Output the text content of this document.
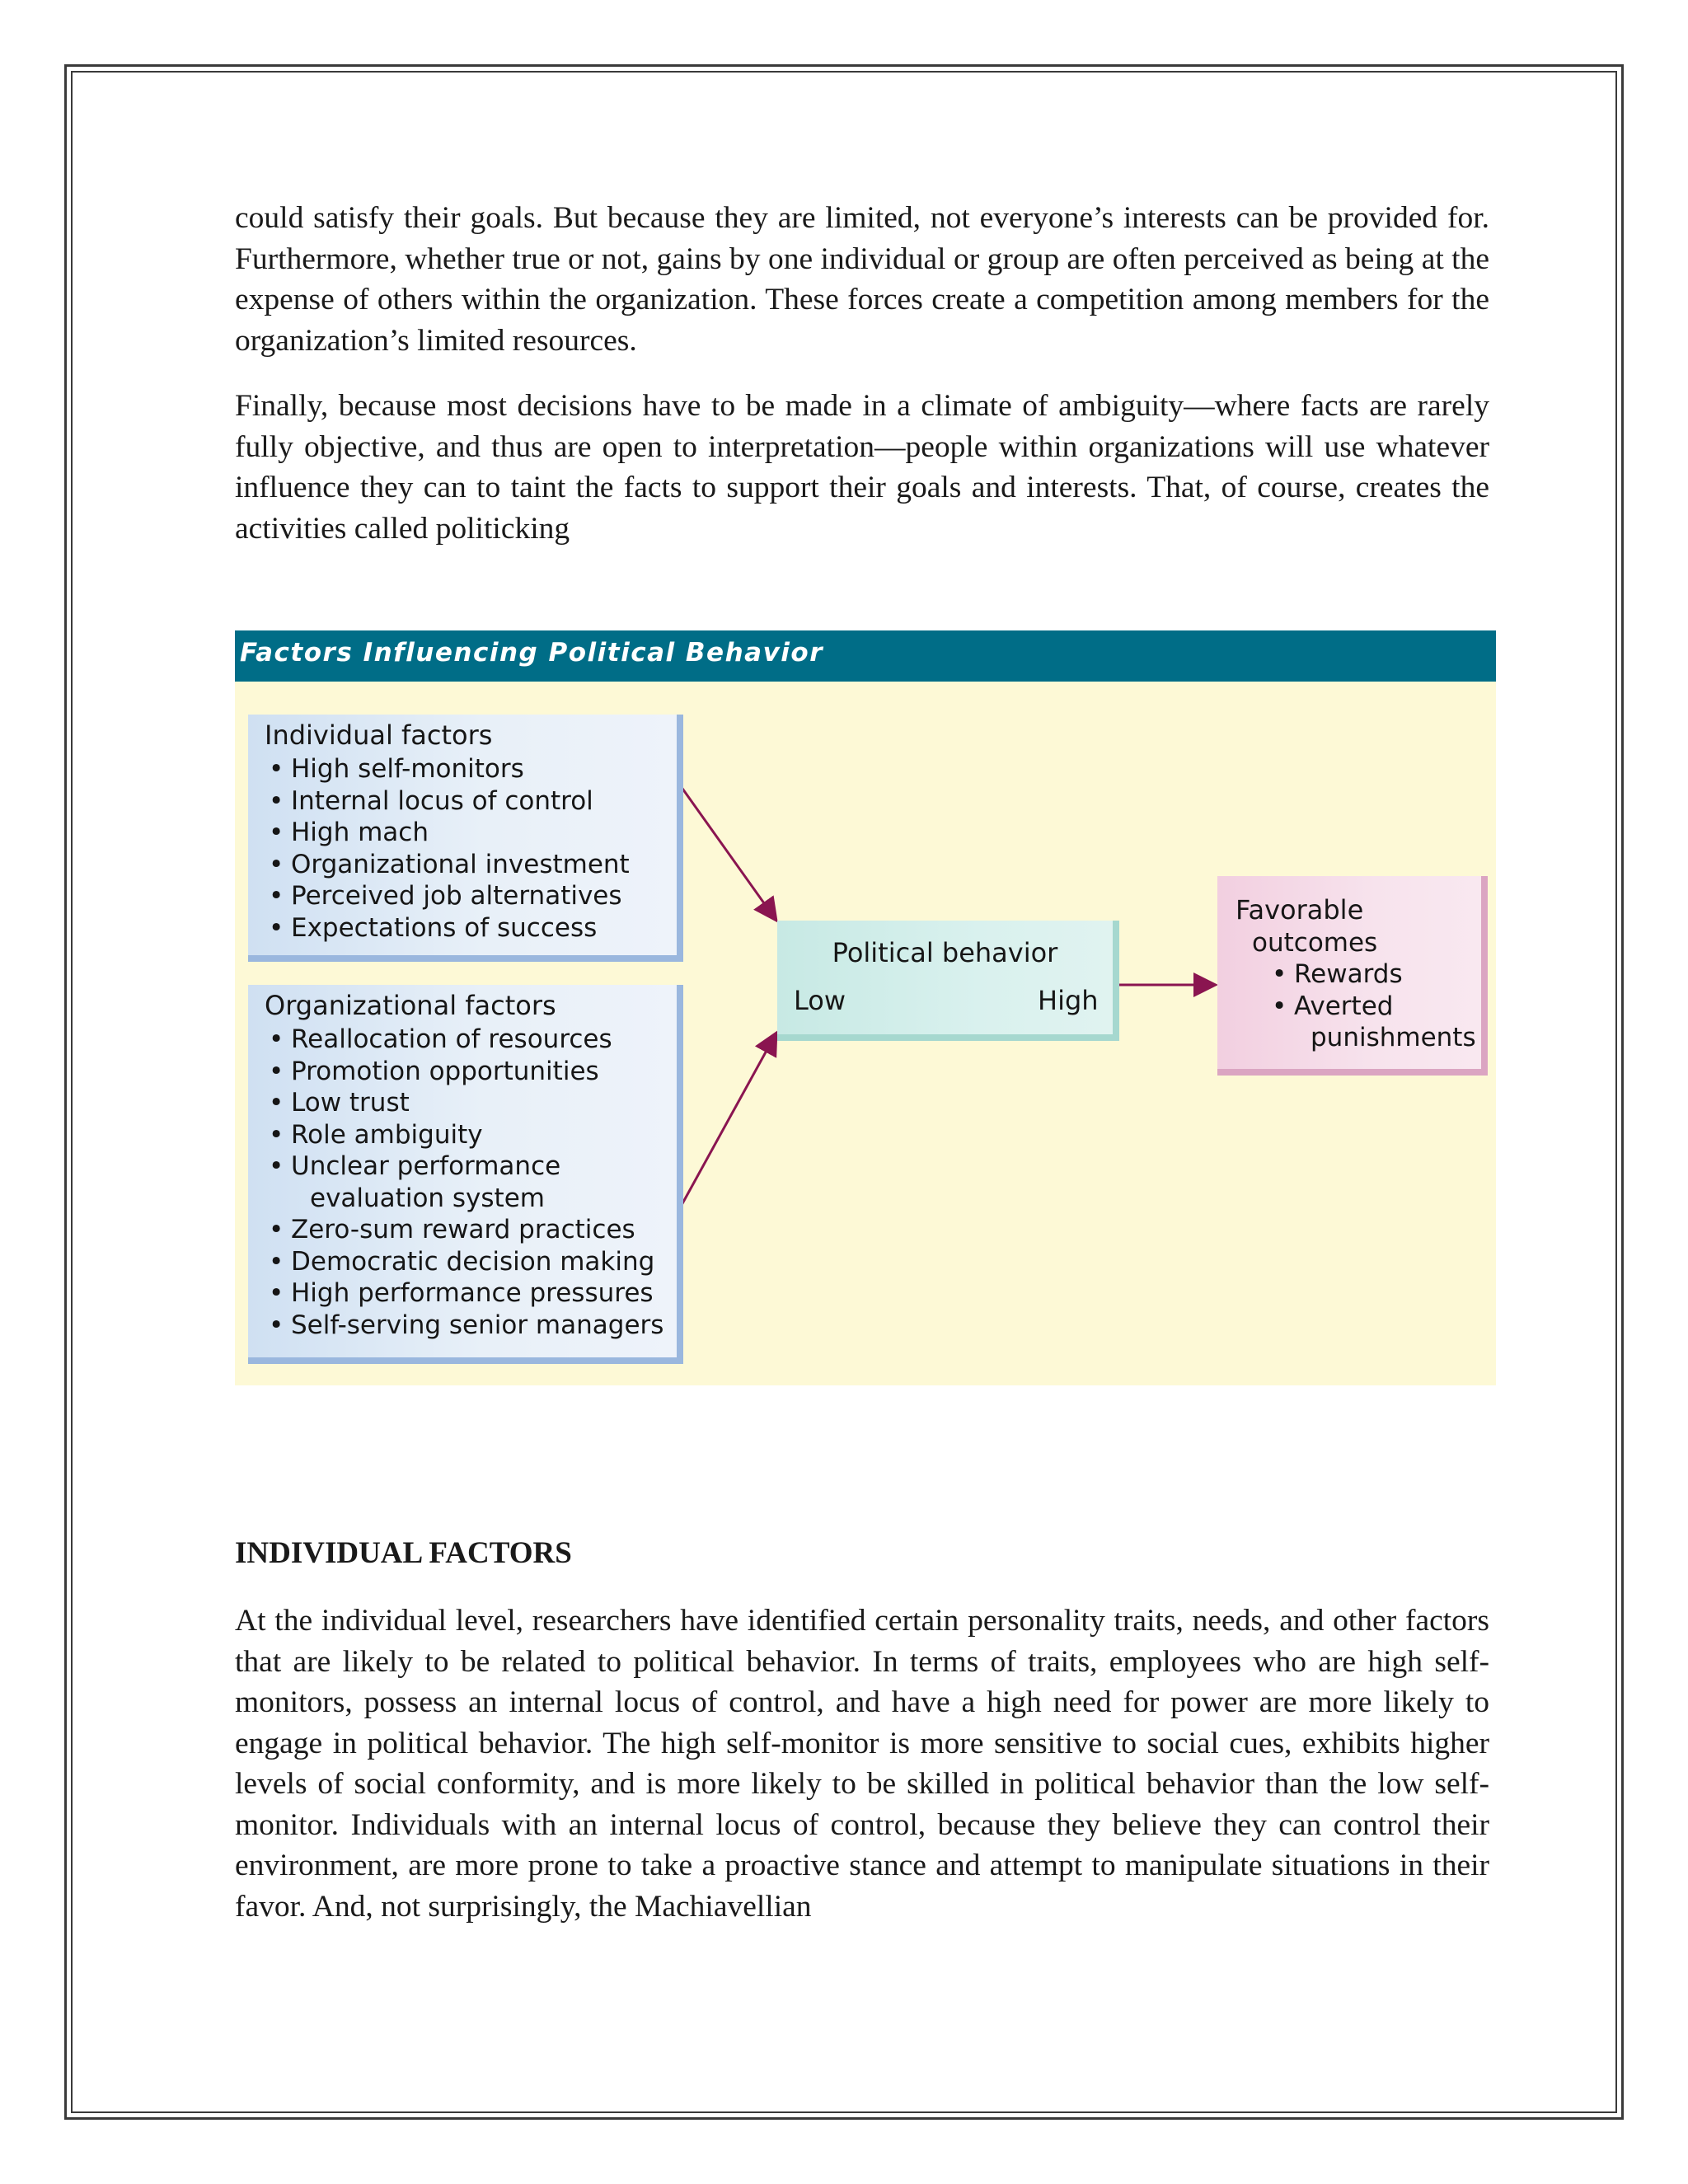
could satisfy their goals. But because they are limited, not everyone’s interests can be provided for. Furthermore, whether true or not, gains by one individual or group are often perceived as being at the expense of others within the organization. These forces create a competition among members for the organization’s limited resources.

Finally, because most decisions have to be made in a climate of ambiguity—where facts are rarely fully objective, and thus are open to interpretation—people within organizations will use whatever influence they can to taint the facts to support their goals and interests. That, of course, creates the activities called politicking

Factors Influencing Political Behavior
Individual factors
• High self-monitors
• Internal locus of control
• High mach
• Organizational investment
• Perceived job alternatives
• Expectations of success
Organizational factors
• Reallocation of resources
• Promotion opportunities
• Low trust
• Role ambiguity
• Unclear performance
evaluation system
• Zero-sum reward practices
• Democratic decision making
• High performance pressures
• Self-serving senior managers
Political behavior
Low	High
Favorable
outcomes
• Rewards
• Averted
punishments
INDIVIDUAL FACTORS

At the individual level, researchers have identified certain personality traits, needs, and other factors that are likely to be related to political behavior. In terms of traits, employees who are high self-monitors, possess an internal locus of control, and have a high need for power are more likely to engage in political behavior. The high self-monitor is more sensitive to social cues, exhibits higher levels of social conformity, and is more likely to be skilled in political behavior than the low self-monitor. Individuals with an internal locus of control, because they believe they can control their environment, are more prone to take a proactive stance and attempt to manipulate situations in their favor. And, not surprisingly, the Machiavellian
